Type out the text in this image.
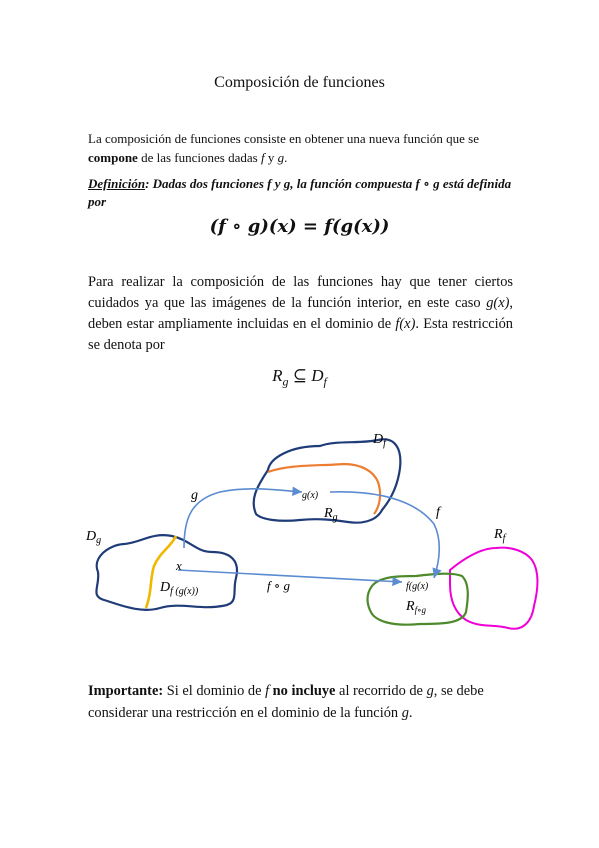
Composición de funciones
La composición de funciones consiste en obtener una nueva función que se compone de las funciones dadas f y g.
Definición: Dadas dos funciones f y g, la función compuesta f ∘ g está definida por
(f ∘ g)(x) = f(g(x))
Para realizar la composición de las funciones hay que tener ciertos cuidados ya que las imágenes de la función interior, en este caso g(x), deben estar ampliamente incluidas en el dominio de f(x). Esta restricción se denota por
$R_g$ ⊆ $D_f$
$D_f$
g	g(x)
$R_g$	f
$D_g$	$R_f$
x
$D_{f (g(x))}$	f ∘ g	f(g(x)
$R_{f\circ g}$
Importante: Si el dominio de f no incluye al recorrido de g, se debe considerar una restricción en el dominio de la función g.
